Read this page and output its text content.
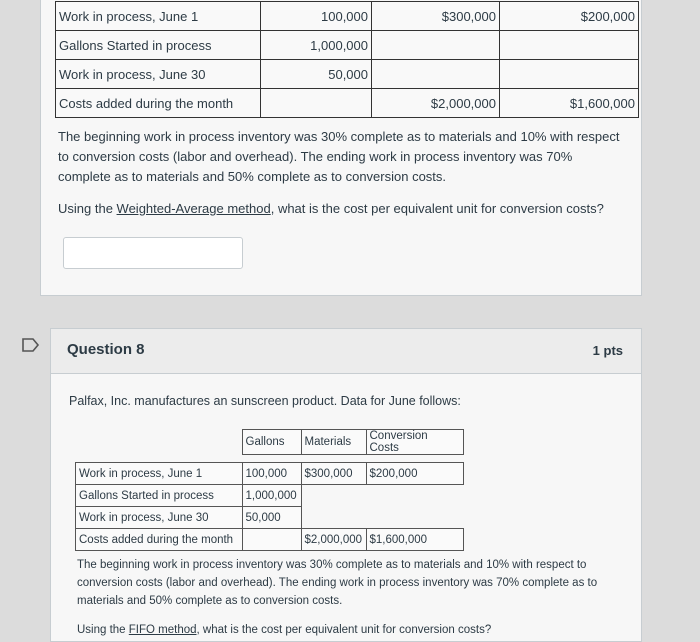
Work in process, June 1	100,000	$300,000	$200,000
Gallons Started in process	1,000,000		
Work in process, June 30	50,000		
Costs added during the month		$2,000,000	$1,600,000
The beginning work in process inventory was 30% complete as to materials and 10% with respect to conversion costs (labor and overhead). The ending work in process inventory was 70% complete as to materials and 50% complete as to conversion costs.
Using the Weighted-Average method, what is the cost per equivalent unit for conversion costs?
Question 8	1 pts
Palfax, Inc. manufactures an sunscreen product. Data for June follows:
	Gallons	Materials	Conversion Costs

Work in process, June 1	100,000	$300,000	$200,000
Gallons Started in process	1,000,000		
Work in process, June 30	50,000		
Costs added during the month		$2,000,000	$1,600,000
The beginning work in process inventory was 30% complete as to materials and 10% with respect to conversion costs (labor and overhead). The ending work in process inventory was 70% complete as to materials and 50% complete as to conversion costs.
Using the FIFO method, what is the cost per equivalent unit for conversion costs?
